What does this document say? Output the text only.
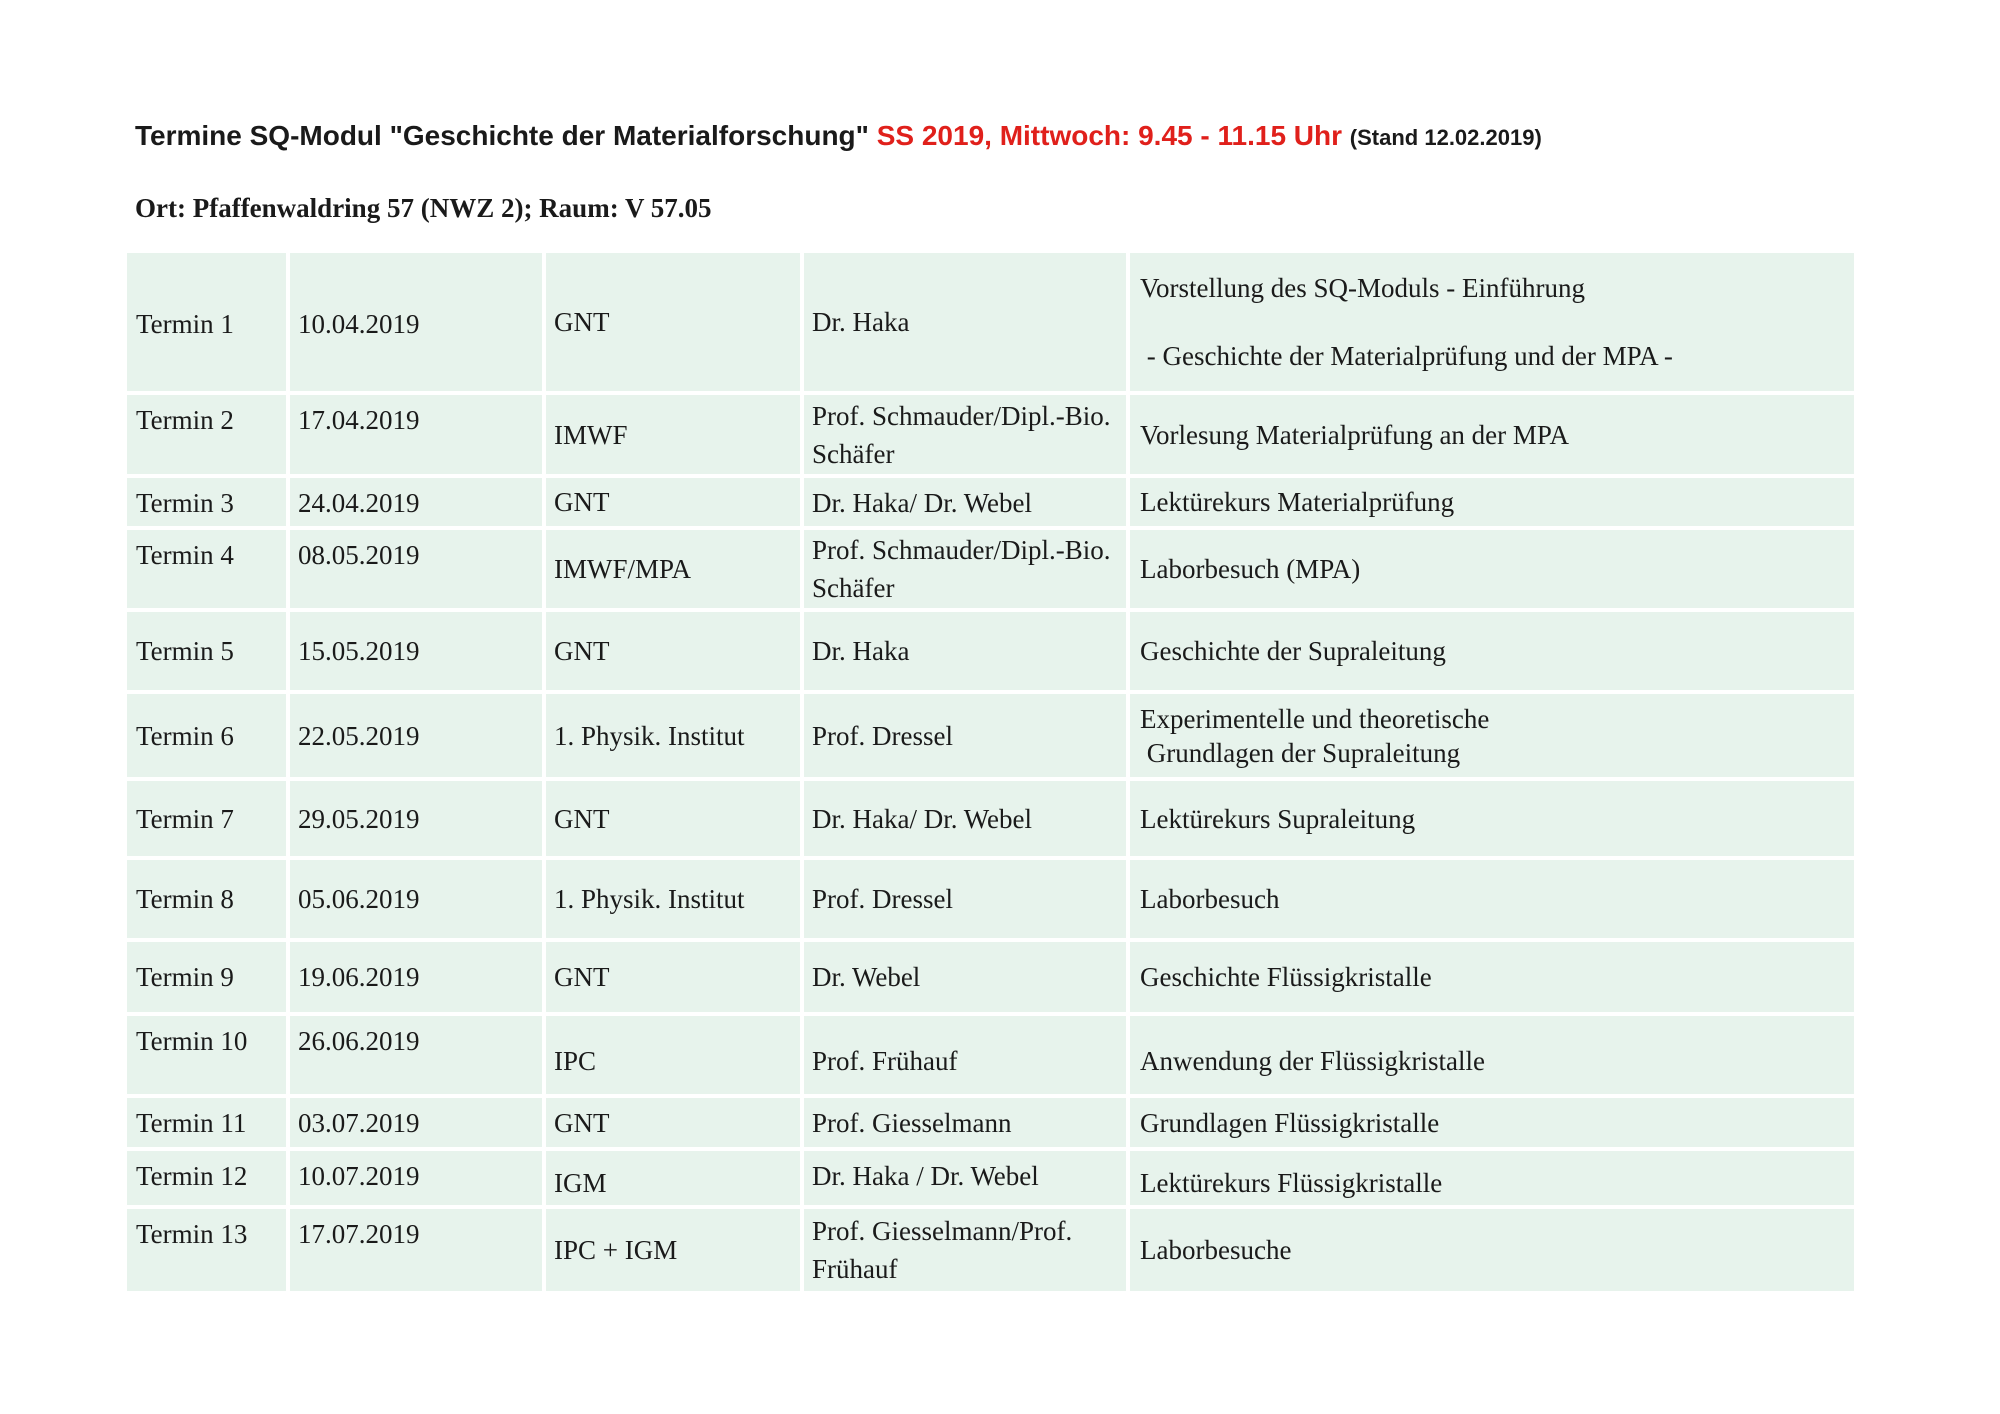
Termine SQ-Modul "Geschichte der Materialforschung" SS 2019, Mittwoch: 9.45 - 11.15 Uhr (Stand 12.02.2019)
Ort: Pfaffenwaldring 57 (NWZ 2); Raum: V 57.05
Termin 1	10.04.2019	GNT	Dr. Haka	Vorstellung des SQ-Moduls - Einführung
- Geschichte der Materialprüfung und der MPA -

Termin 2	17.04.2019	IMWF	Prof. Schmauder/Dipl.-Bio. Schäfer	Vorlesung Materialprüfung an der MPA
Termin 3	24.04.2019	GNT	Dr. Haka/ Dr. Webel	Lektürekurs Materialprüfung
Termin 4	08.05.2019	IMWF/MPA	Prof. Schmauder/Dipl.-Bio. Schäfer	Laborbesuch (MPA)
Termin 5	15.05.2019	GNT	Dr. Haka	Geschichte der Supraleitung
Termin 6	22.05.2019	1. Physik. Institut	Prof. Dressel	Experimentelle und theoretische
Grundlagen der Supraleitung

Termin 7	29.05.2019	GNT	Dr. Haka/ Dr. Webel	Lektürekurs Supraleitung
Termin 8	05.06.2019	1. Physik. Institut	Prof. Dressel	Laborbesuch
Termin 9	19.06.2019	GNT	Dr. Webel	Geschichte Flüssigkristalle
Termin 10	26.06.2019	IPC	Prof. Frühauf	Anwendung der Flüssigkristalle
Termin 11	03.07.2019	GNT	Prof. Giesselmann	Grundlagen Flüssigkristalle
Termin 12	10.07.2019	IGM	Dr. Haka / Dr. Webel	Lektürekurs Flüssigkristalle
Termin 13	17.07.2019	IPC + IGM	Prof. Giesselmann/Prof. Frühauf	Laborbesuche
